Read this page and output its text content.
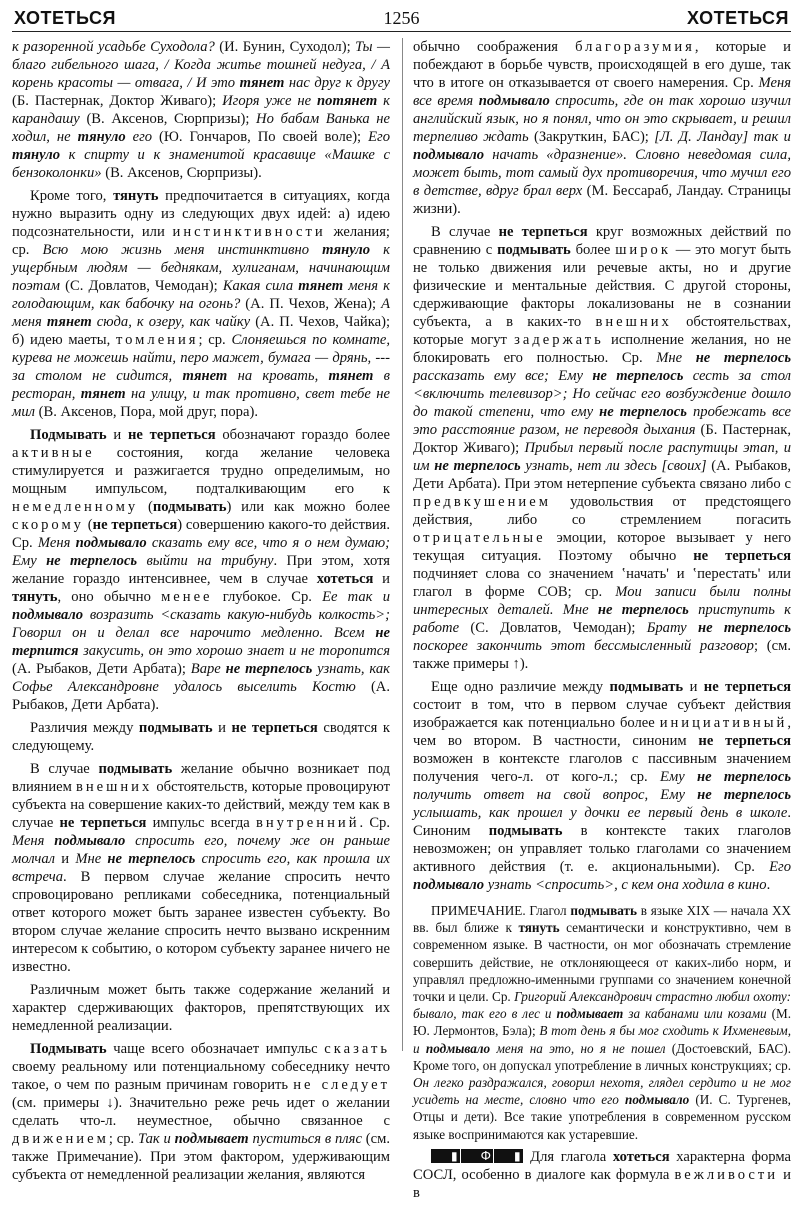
ХОТЕТЬСЯ	1256	ХОТЕТЬСЯ

к разоренной усадьбе Суходола? (И. Бунин, Суходол); Ты — благо гибельного шага, / Когда житье тошней недуга, / А корень красоты — отвага, / И это тянет нас друг к другу (Б. Пастернак, Доктор Живаго); Игоря уже не потянет к карандашу (В. Аксенов, Сюрпризы); Но бабам Ванька не ходил, не тянуло его (Ю. Гончаров, По своей воле); Его тянуло к спирту и к знаменитой красавице «Машке с бензоколонки» (В. Аксенов, Сюрпризы).

Кроме того, тянуть предпочитается в ситуациях, когда нужно выразить одну из следующих двух идей: а) идею подсознательности, или инстинктивности желания; ср. Всю мою жизнь меня инстинктивно тянуло к ущербным людям — беднякам, хулиганам, начинающим поэтам (С. Довлатов, Чемодан); Какая сила тянет меня к голодающим, как бабочку на огонь? (А. П. Чехов, Жена); А меня тянет сюда, к озеру, как чайку (А. П. Чехов, Чайка); б) идею маеты, томления; ср. Слоняешься по комнате, курева не можешь найти, перо мажет, бумага — дрянь, --- за столом не сидится, тянет на кровать, тянет в ресторан, тянет на улицу, и так противно, свет тебе не мил (В. Аксенов, Пора, мой друг, пора).

Подмывать и не терпеться обозначают гораздо более активные состояния, когда желание человека стимулируется и разжигается трудно определимым, но мощным импульсом, подталкивающим его к немедленному (подмывать) или как можно более скорому (не терпеться) совершению какого-то действия. Ср. Меня подмывало сказать ему все, что я о нем думаю; Ему не терпелось выйти на трибуну. При этом, хотя желание гораздо интенсивнее, чем в случае хотеться и тянуть, оно обычно менее глубокое. Ср. Ее так и подмывало возразить <сказать какую-нибудь колкость>; Говорил он и делал все нарочито медленно. Всем не терпится закусить, он это хорошо знает и не торопится (А. Рыбаков, Дети Арбата); Варе не терпелось узнать, как Софье Александровне удалось выселить Костю (А. Рыбаков, Дети Арбата).

Различия между подмывать и не терпеться сводятся к следующему.

В случае подмывать желание обычно возникает под влиянием внешних обстоятельств, которые провоцируют субъекта на совершение каких-то действий, между тем как в случае не терпеться импульс всегда внутренний. Ср. Меня подмывало спросить его, почему же он раньше молчал и Мне не терпелось спросить его, как прошла их встреча. В первом случае желание спросить нечто спровоцировано репликами собеседника, потенциальный ответ которого может быть заранее известен субъекту. Во втором случае желание спросить нечто вызвано искренним интересом к событию, о котором субъекту заранее ничего не известно.

Различным может быть также содержание желаний и характер сдерживающих факторов, препятствующих их немедленной реализации.

Подмывать чаще всего обозначает импульс сказать своему реальному или потенциальному собеседнику нечто такое, о чем по разным причинам говорить не следует (см. примеры ↓). Значительно реже речь идет о желании сделать что-л. неуместное, обычно связанное с движением; ср. Так и подмывает пуститься в пляс (см. также Примечание). При этом фактором, удерживающим субъекта от немедленной реализации желания, являются

обычно соображения благоразумия, которые и побеждают в борьбе чувств, происходящей в его душе, так что в итоге он отказывается от своего намерения. Ср. Меня все время подмывало спросить, где он так хорошо изучил английский язык, но я понял, что он это скрывает, и решил терпеливо ждать (Закруткин, БАС); [Л. Д. Ландау] так и подмывало начать «дразнение». Словно неведомая сила, может быть, тот самый дух противоречия, что мучил его в детстве, вдруг брал верх (М. Бессараб, Ландау. Страницы жизни).

В случае не терпеться круг возможных действий по сравнению с подмывать более широк — это могут быть не только движения или речевые акты, но и другие физические и ментальные действия. С другой стороны, сдерживающие факторы локализованы не в сознании субъекта, а в каких-то внешних обстоятельствах, которые могут задержать исполнение желания, но не блокировать его полностью. Ср. Мне не терпелось рассказать ему все; Ему не терпелось сесть за стол <включить телевизор>; Но сейчас его возбуждение дошло до такой степени, что ему не терпелось пробежать все это расстояние разом, не переводя дыхания (Б. Пастернак, Доктор Живаго); Прибыл первый после распутицы этап, и им не терпелось узнать, нет ли здесь [своих] (А. Рыбаков, Дети Арбата). При этом нетерпение субъекта связано либо с предвкушением удовольствия от предстоящего действия, либо со стремлением погасить отрицательные эмоции, которое вызывает у него текущая ситуация. Поэтому обычно не терпеться подчиняет слова со значением ʽначать' и ʽперестать' или глагол в форме СОВ; ср. Мои записи были полны интересных деталей. Мне не терпелось приступить к работе (С. Довлатов, Чемодан); Брату не терпелось поскорее закончить этот бессмысленный разговор; (см. также примеры ↑).

Еще одно различие между подмывать и не терпеться состоит в том, что в первом случае субъект действия изображается как потенциально более инициативный, чем во втором. В частности, синоним не терпеться возможен в контексте глаголов с пассивным значением получения чего-л. от кого-л.; ср. Ему не терпелось получить ответ на свой вопрос, Ему не терпелось услышать, как прошел у дочки ее первый день в школе. Синоним подмывать в контексте таких глаголов невозможен; он управляет только глаголами со значением активного действия (т. е. акциональными). Ср. Его подмывало узнать <спросить>, с кем она ходила в кино.

ПРИМЕЧАНИЕ. Глагол подмывать в языке XIX — начала XX вв. был ближе к тянуть семантически и конструктивно, чем в современном языке. В частности, он мог обозначать стремление совершить действие, не отклоняющееся от каких-либо норм, и управлял предложно-именными группами со значением конечной точки и цели. Ср. Григорий Александрович страстно любил охоту: бывало, так его в лес и подмывает за кабанами или козами (М. Ю. Лермонтов, Бэла); В тот день я бы мог сходить к Ихменевым, и подмывало меня на это, но я не пошел (Достоевский, БАС). Кроме того, он допускал употребление в личных конструкциях; ср. Он легко раздражался, говорил нехотя, глядел сердито и не мог усидеть на месте, словно что его подмывало (И. С. Тургенев, Отцы и дети). Все такие употребления в современном русском языке воспринимаются как устаревшие.

▮ Ф ▮ Для глагола хотеться характерна форма СОСЛ, особенно в диалоге как формула вежливости и в
